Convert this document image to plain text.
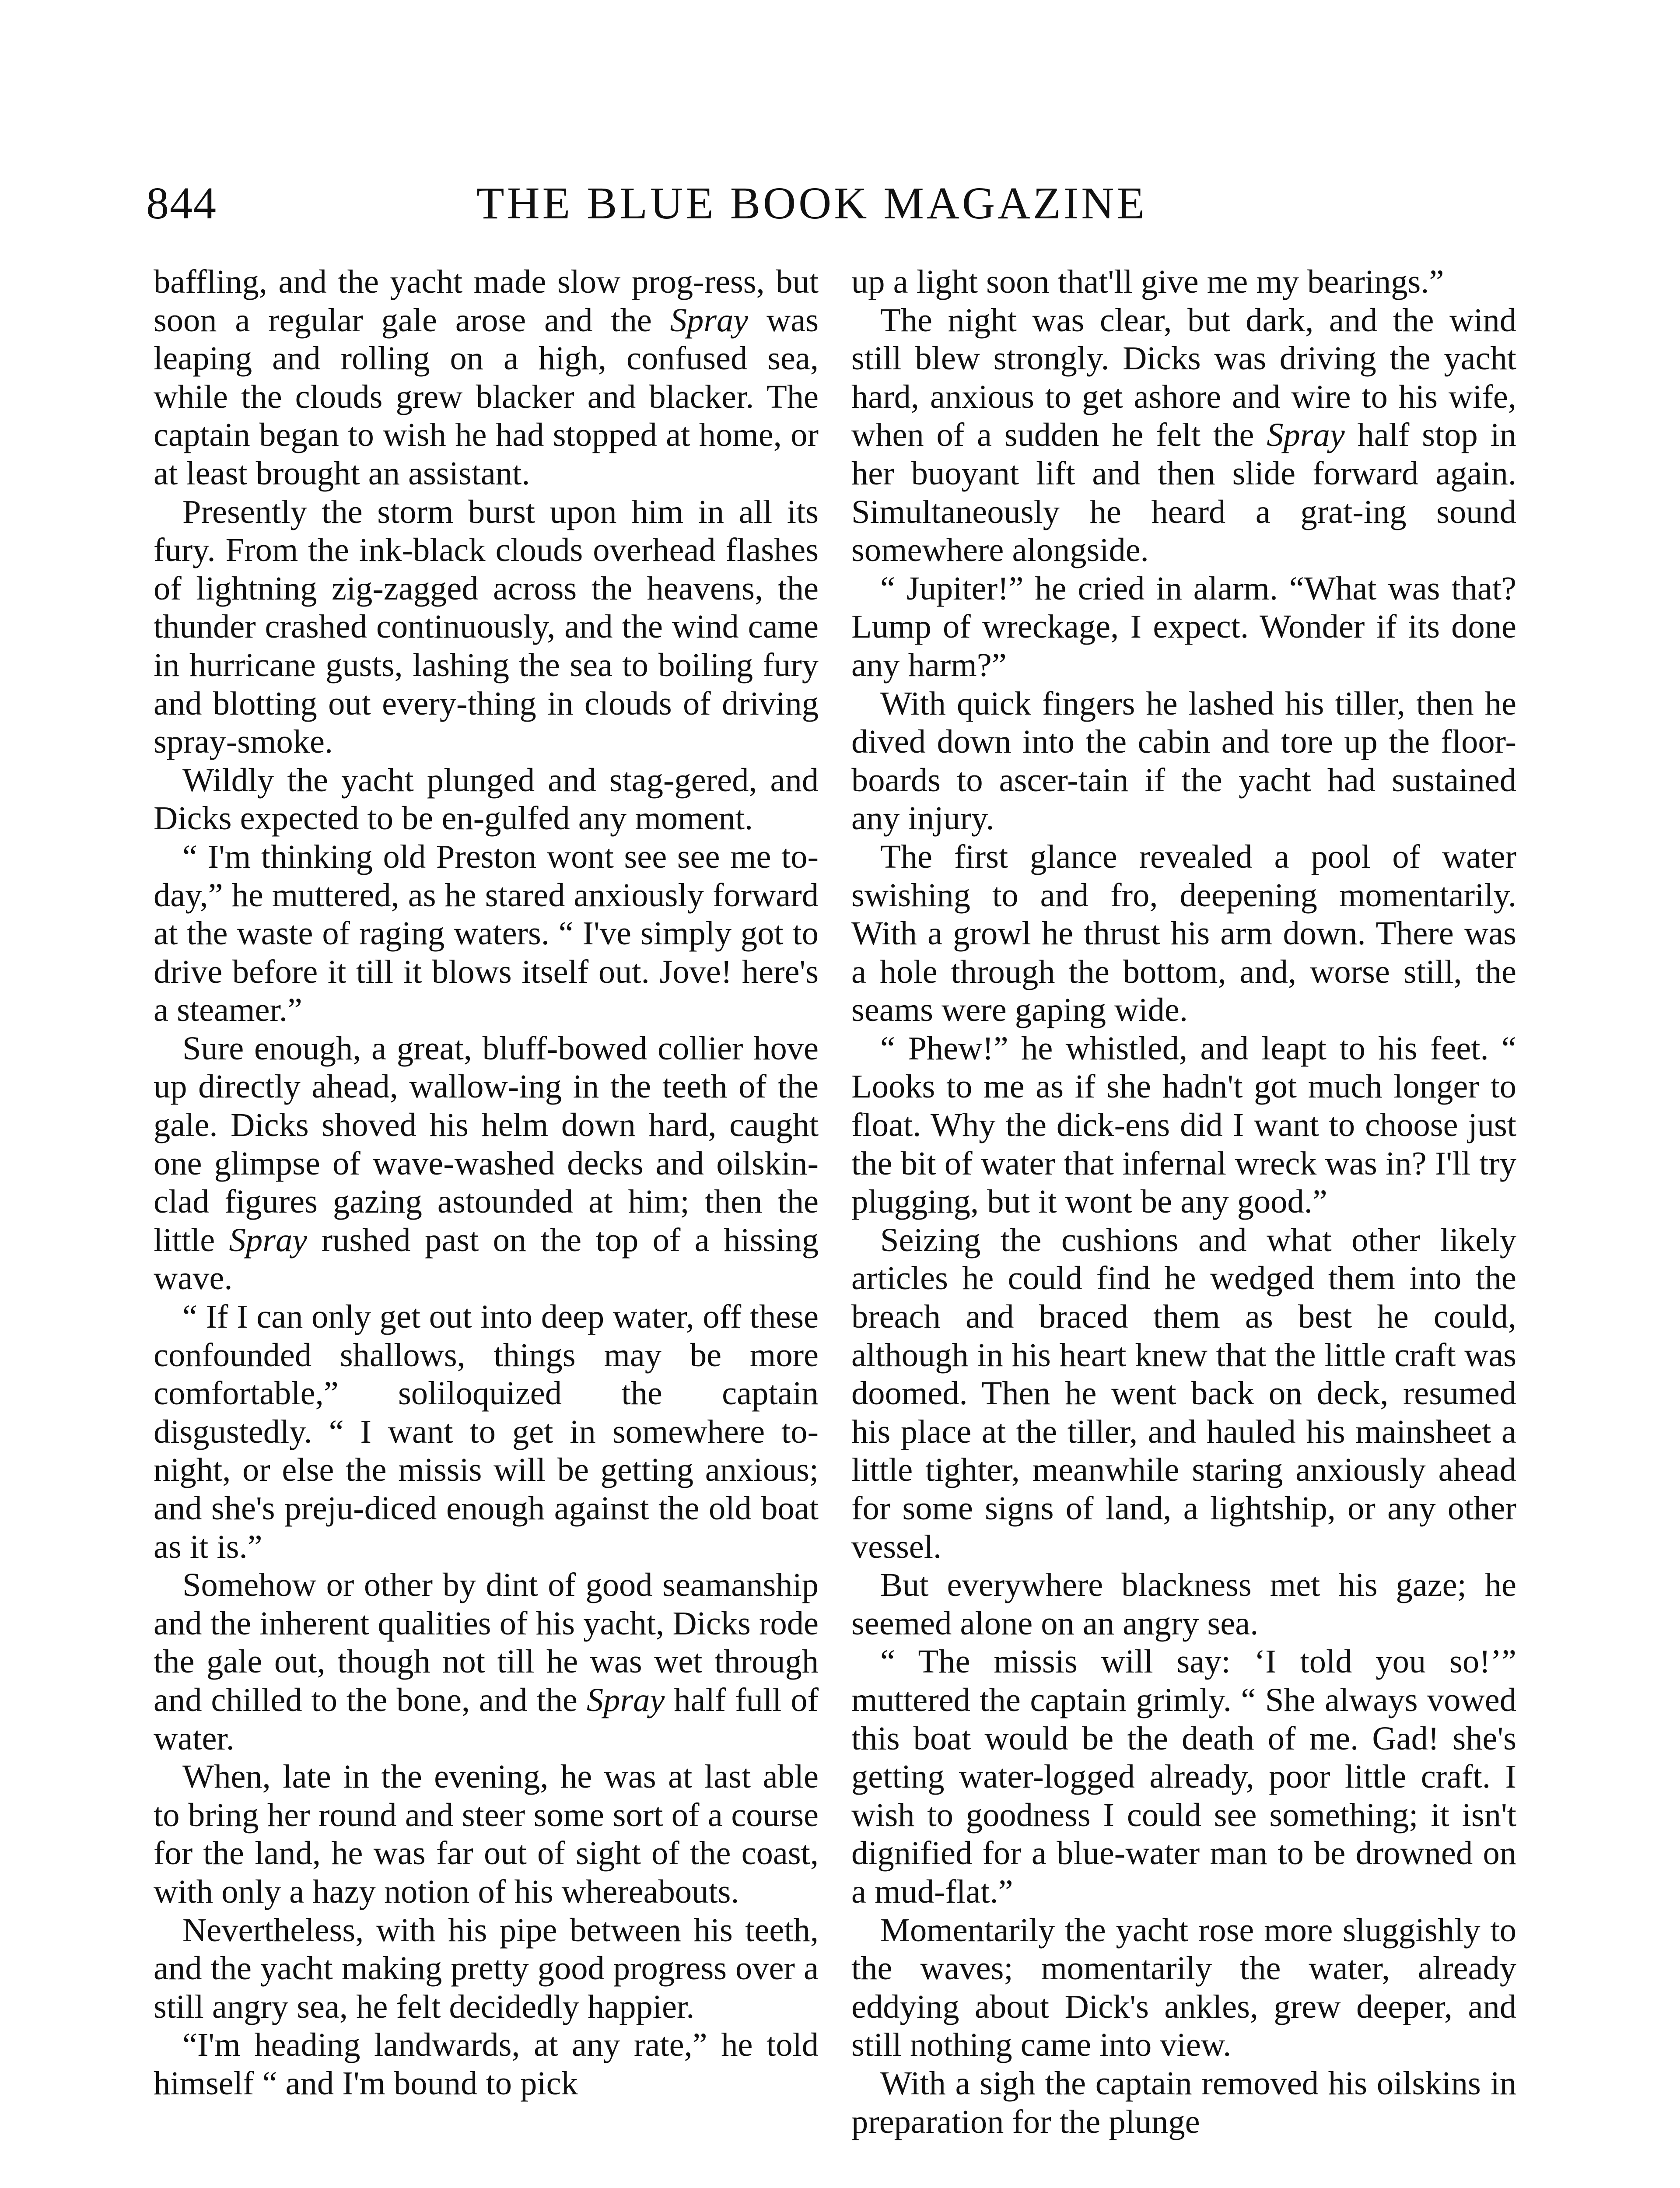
844	THE BLUE BOOK MAGAZINE

baffling, and the yacht made slow prog-ress, but soon a regular gale arose and the Spray was leaping and rolling on a high, confused sea, while the clouds grew blacker and blacker. The captain began to wish he had stopped at home, or at least brought an assistant.

Presently the storm burst upon him in all its fury. From the ink-black clouds overhead flashes of lightning zig-zagged across the heavens, the thunder crashed continuously, and the wind came in hurricane gusts, lashing the sea to boiling fury and blotting out every-thing in clouds of driving spray-smoke.

Wildly the yacht plunged and stag-gered, and Dicks expected to be en-gulfed any moment.

“ I'm thinking old Preston wont see see me to-day,” he muttered, as he stared anxiously forward at the waste of raging waters. “ I've simply got to drive before it till it blows itself out. Jove! here's a steamer.”

Sure enough, a great, bluff-bowed collier hove up directly ahead, wallow-ing in the teeth of the gale. Dicks shoved his helm down hard, caught one glimpse of wave-washed decks and oilskin-clad figures gazing astounded at him; then the little Spray rushed past on the top of a hissing wave.

“ If I can only get out into deep water, off these confounded shallows, things may be more comfortable,” soliloquized the captain disgustedly. “ I want to get in somewhere to-night, or else the missis will be getting anxious; and she's preju-diced enough against the old boat as it is.”

Somehow or other by dint of good seamanship and the inherent qualities of his yacht, Dicks rode the gale out, though not till he was wet through and chilled to the bone, and the Spray half full of water.

When, late in the evening, he was at last able to bring her round and steer some sort of a course for the land, he was far out of sight of the coast, with only a hazy notion of his whereabouts.

Nevertheless, with his pipe between his teeth, and the yacht making pretty good progress over a still angry sea, he felt decidedly happier.

“I'm heading landwards, at any rate,” he told himself “ and I'm bound to pick

up a light soon that'll give me my bearings.”

The night was clear, but dark, and the wind still blew strongly. Dicks was driving the yacht hard, anxious to get ashore and wire to his wife, when of a sudden he felt the Spray half stop in her buoyant lift and then slide forward again. Simultaneously he heard a grat-ing sound somewhere alongside.

“ Jupiter!” he cried in alarm. “What was that? Lump of wreckage, I expect. Wonder if its done any harm?”

With quick fingers he lashed his tiller, then he dived down into the cabin and tore up the floor-boards to ascer-tain if the yacht had sustained any injury.

The first glance revealed a pool of water swishing to and fro, deepening momentarily. With a growl he thrust his arm down. There was a hole through the bottom, and, worse still, the seams were gaping wide.

“ Phew!” he whistled, and leapt to his feet. “ Looks to me as if she hadn't got much longer to float. Why the dick-ens did I want to choose just the bit of water that infernal wreck was in? I'll try plugging, but it wont be any good.”

Seizing the cushions and what other likely articles he could find he wedged them into the breach and braced them as best he could, although in his heart knew that the little craft was doomed. Then he went back on deck, resumed his place at the tiller, and hauled his mainsheet a little tighter, meanwhile staring anxiously ahead for some signs of land, a lightship, or any other vessel.

But everywhere blackness met his gaze; he seemed alone on an angry sea.

“ The missis will say: ‘I told you so!’” muttered the captain grimly. “ She always vowed this boat would be the death of me. Gad! she's getting water-logged already, poor little craft. I wish to goodness I could see something; it isn't dignified for a blue-water man to be drowned on a mud-flat.”

Momentarily the yacht rose more sluggishly to the waves; momentarily the water, already eddying about Dick's ankles, grew deeper, and still nothing came into view.

With a sigh the captain removed his oilskins in preparation for the plunge
